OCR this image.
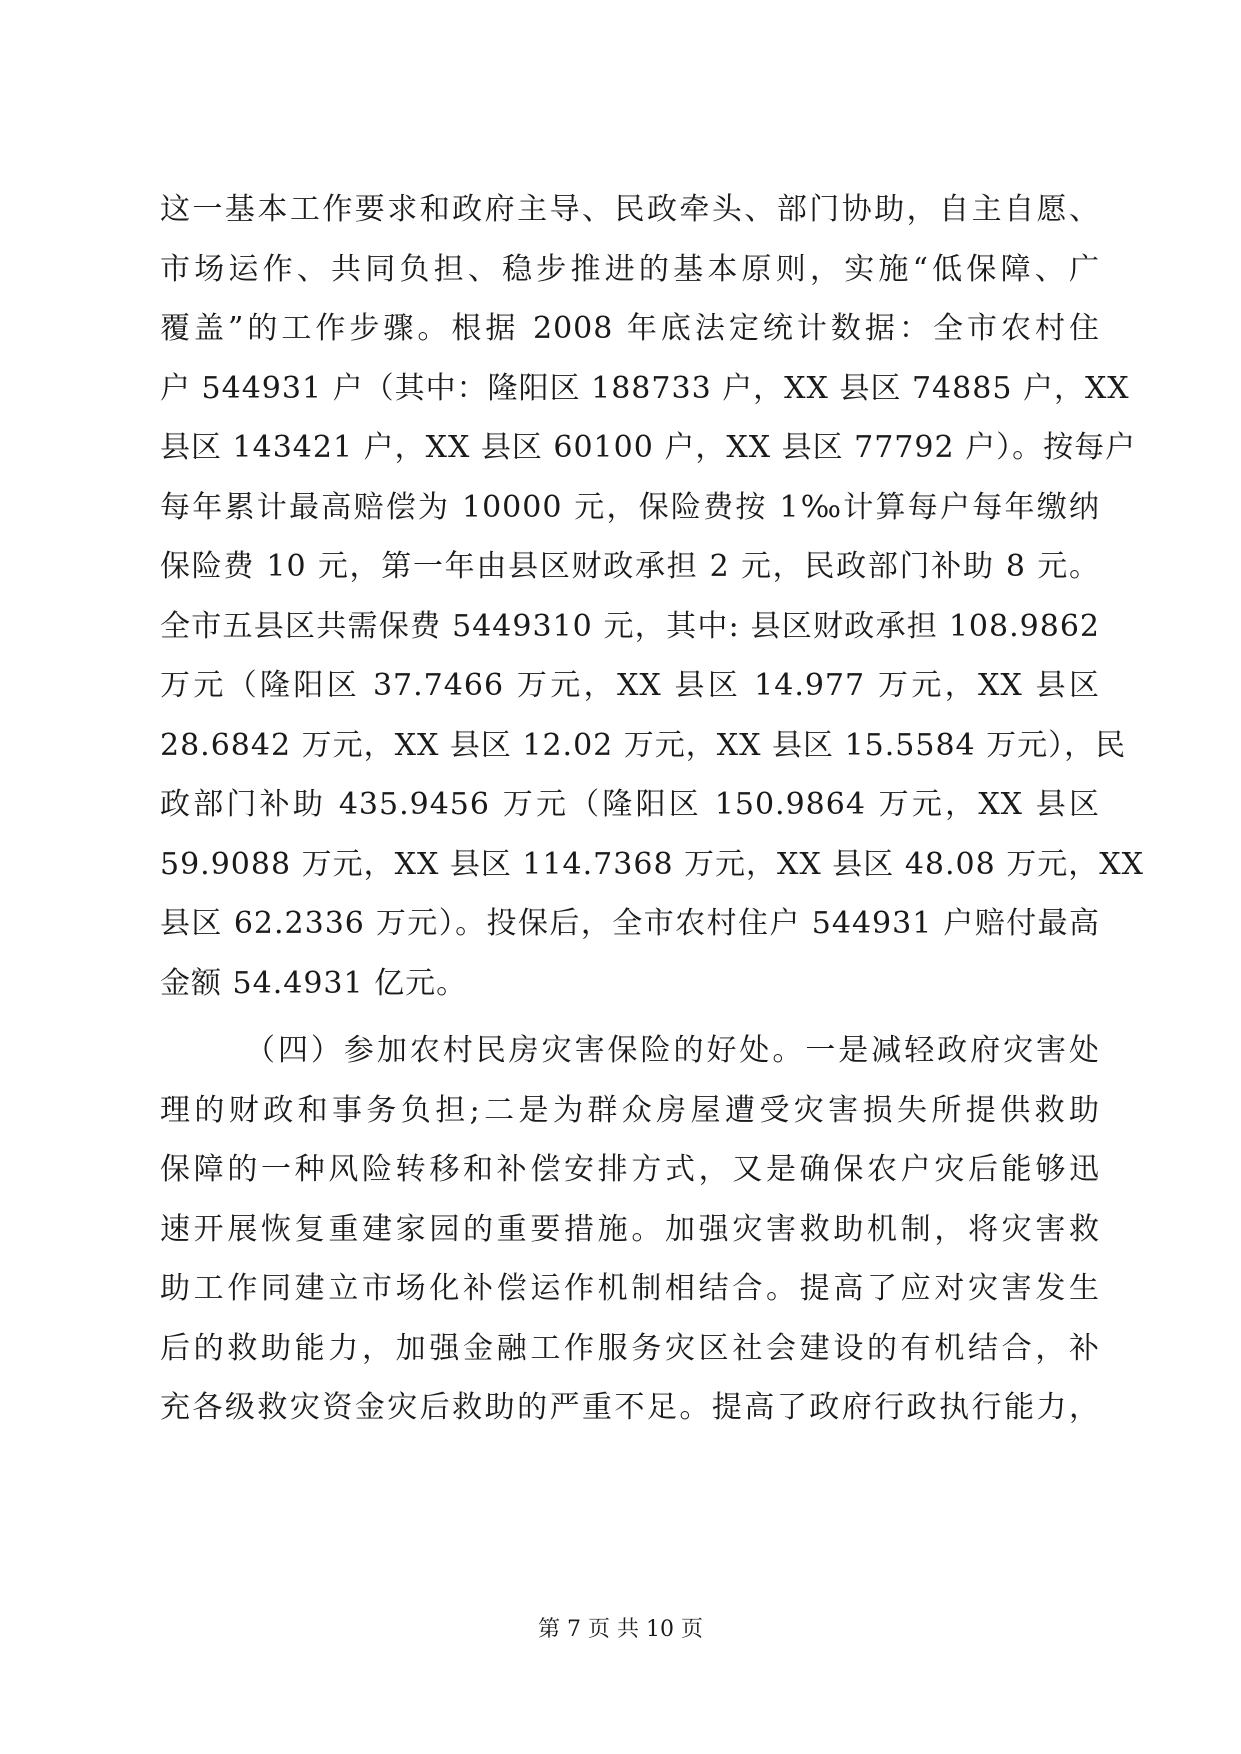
这一基本工作要求和政府主导、民政牵头、部门协助，自主自愿、
市场运作、共同负担、稳步推进的基本原则，实施“低保障、广
覆盖”的工作步骤。根据 2008 年底法定统计数据：全市农村住
户 544931 户（其中：隆阳区 188733 户，XX 县区 74885 户，XX
县区 143421 户，XX 县区 60100 户，XX 县区 77792 户）。按每户
每年累计最高赔偿为 10000 元，保险费按 1‰计算每户每年缴纳
保险费 10 元，第一年由县区财政承担 2 元，民政部门补助 8 元。
全市五县区共需保费 5449310 元，其中: 县区财政承担 108.9862
万元（隆阳区 37.7466 万元，XX 县区 14.977 万元，XX 县区
28.6842 万元，XX 县区 12.02 万元，XX 县区 15.5584 万元），民
政部门补助 435.9456 万元（隆阳区 150.9864 万元，XX 县区
59.9088 万元，XX 县区 114.7368 万元，XX 县区 48.08 万元，XX
县区 62.2336 万元）。投保后，全市农村住户 544931 户赔付最高
金额 54.4931 亿元。
（四）参加农村民房灾害保险的好处。一是减轻政府灾害处
理的财政和事务负担;二是为群众房屋遭受灾害损失所提供救助
保障的一种风险转移和补偿安排方式，又是确保农户灾后能够迅
速开展恢复重建家园的重要措施。加强灾害救助机制，将灾害救
助工作同建立市场化补偿运作机制相结合。提高了应对灾害发生
后的救助能力，加强金融工作服务灾区社会建设的有机结合，补
充各级救灾资金灾后救助的严重不足。提高了政府行政执行能力，
第 7 页 共 10 页
